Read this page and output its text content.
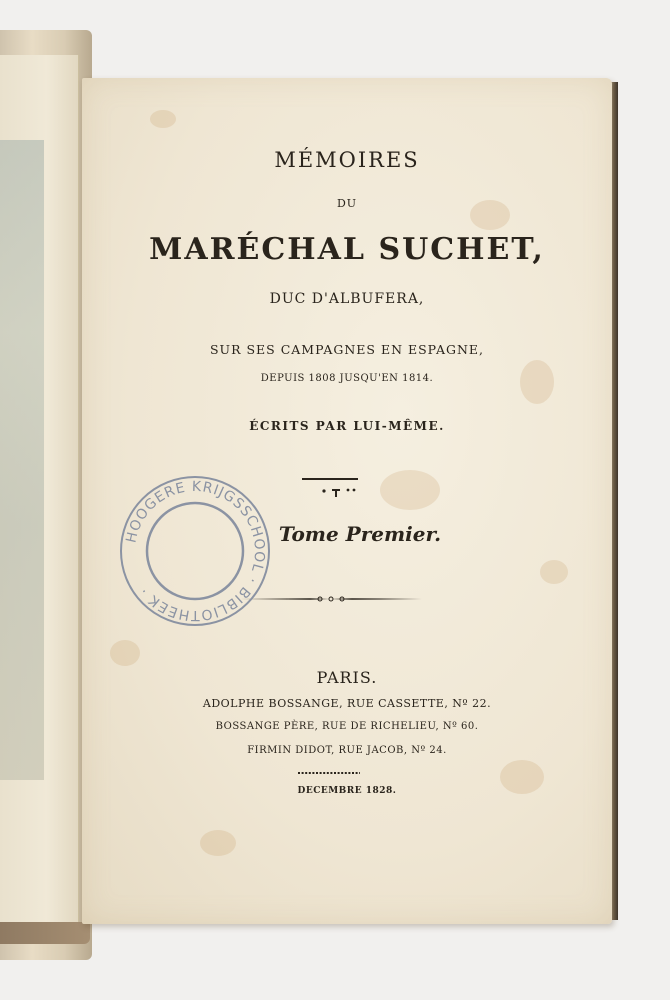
MÉMOIRES
DU
MARÉCHAL SUCHET,
DUC D'ALBUFERA,
SUR SES CAMPAGNES EN ESPAGNE,
DEPUIS 1808 JUSQU'EN 1814.
ÉCRITS PAR LUI-MÊME.
Tome Premier.
PARIS.
ADOLPHE BOSSANGE, RUE CASSETTE, Nº 22.
BOSSANGE PÈRE, RUE DE RICHELIEU, Nº 60.
FIRMIN DIDOT, RUE JACOB, Nº 24.
DECEMBRE 1828.
HOOGERE KRIJGSSCHOOL · BIBLIOTHEEK ·
